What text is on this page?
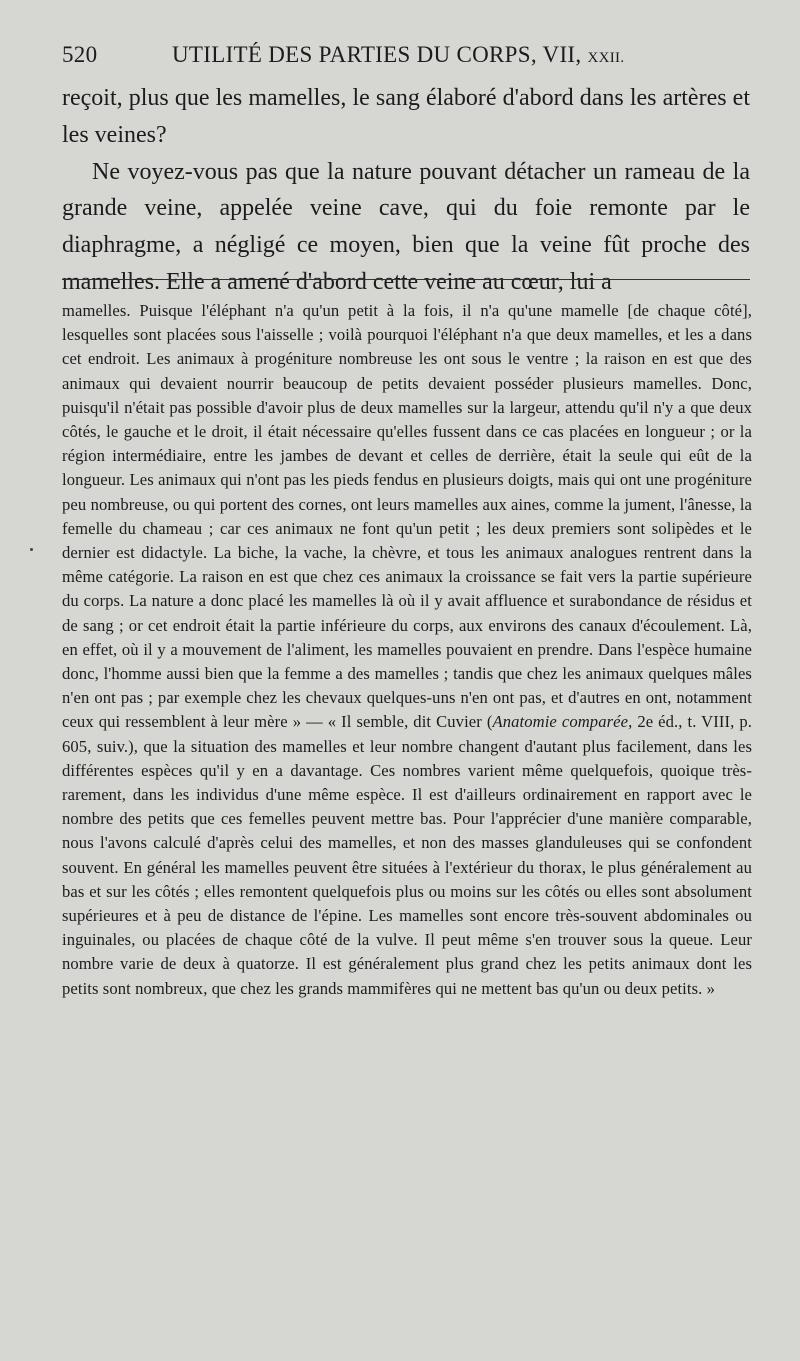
520	UTILITÉ DES PARTIES DU CORPS, VII, XXII.

reçoit, plus que les mamelles, le sang élaboré d'abord dans les artères et les veines?

Ne voyez-vous pas que la nature pouvant détacher un rameau de la grande veine, appelée veine cave, qui du foie remonte par le diaphragme, a négligé ce moyen, bien que la veine fût proche des mamelles. Elle a amené d'abord cette veine au cœur, lui a

mamelles. Puisque l'éléphant n'a qu'un petit à la fois, il n'a qu'une mamelle [de chaque côté], lesquelles sont placées sous l'aisselle ; voilà pourquoi l'éléphant n'a que deux mamelles, et les a dans cet endroit. Les animaux à progéniture nombreuse les ont sous le ventre ; la raison en est que des animaux qui devaient nourrir beaucoup de petits devaient posséder plusieurs mamelles. Donc, puisqu'il n'était pas possible d'avoir plus de deux mamelles sur la largeur, attendu qu'il n'y a que deux côtés, le gauche et le droit, il était nécessaire qu'elles fussent dans ce cas placées en longueur ; or la région intermédiaire, entre les jambes de devant et celles de derrière, était la seule qui eût de la longueur. Les animaux qui n'ont pas les pieds fendus en plusieurs doigts, mais qui ont une progéniture peu nombreuse, ou qui portent des cornes, ont leurs mamelles aux aines, comme la jument, l'ânesse, la femelle du chameau ; car ces animaux ne font qu'un petit ; les deux premiers sont solipèdes et le dernier est didactyle. La biche, la vache, la chèvre, et tous les animaux analogues rentrent dans la même catégorie. La raison en est que chez ces animaux la croissance se fait vers la partie supérieure du corps. La nature a donc placé les mamelles là où il y avait affluence et surabondance de résidus et de sang ; or cet endroit était la partie inférieure du corps, aux environs des canaux d'écoulement. Là, en effet, où il y a mouvement de l'aliment, les mamelles pouvaient en prendre. Dans l'espèce humaine donc, l'homme aussi bien que la femme a des mamelles ; tandis que chez les animaux quelques mâles n'en ont pas ; par exemple chez les chevaux quelques-uns n'en ont pas, et d'autres en ont, notamment ceux qui ressemblent à leur mère » — « Il semble, dit Cuvier (Anatomie comparée, 2e éd., t. VIII, p. 605, suiv.), que la situation des mamelles et leur nombre changent d'autant plus facilement, dans les différentes espèces qu'il y en a davantage. Ces nombres varient même quelquefois, quoique très-rarement, dans les individus d'une même espèce. Il est d'ailleurs ordinairement en rapport avec le nombre des petits que ces femelles peuvent mettre bas. Pour l'apprécier d'une manière comparable, nous l'avons calculé d'après celui des mamelles, et non des masses glanduleuses qui se confondent souvent. En général les mamelles peuvent être situées à l'extérieur du thorax, le plus généralement au bas et sur les côtés ; elles remontent quelquefois plus ou moins sur les côtés ou elles sont absolument supérieures et à peu de distance de l'épine. Les mamelles sont encore très-souvent abdominales ou inguinales, ou placées de chaque côté de la vulve. Il peut même s'en trouver sous la queue. Leur nombre varie de deux à quatorze. Il est généralement plus grand chez les petits animaux dont les petits sont nombreux, que chez les grands mammifères qui ne mettent bas qu'un ou deux petits. »
